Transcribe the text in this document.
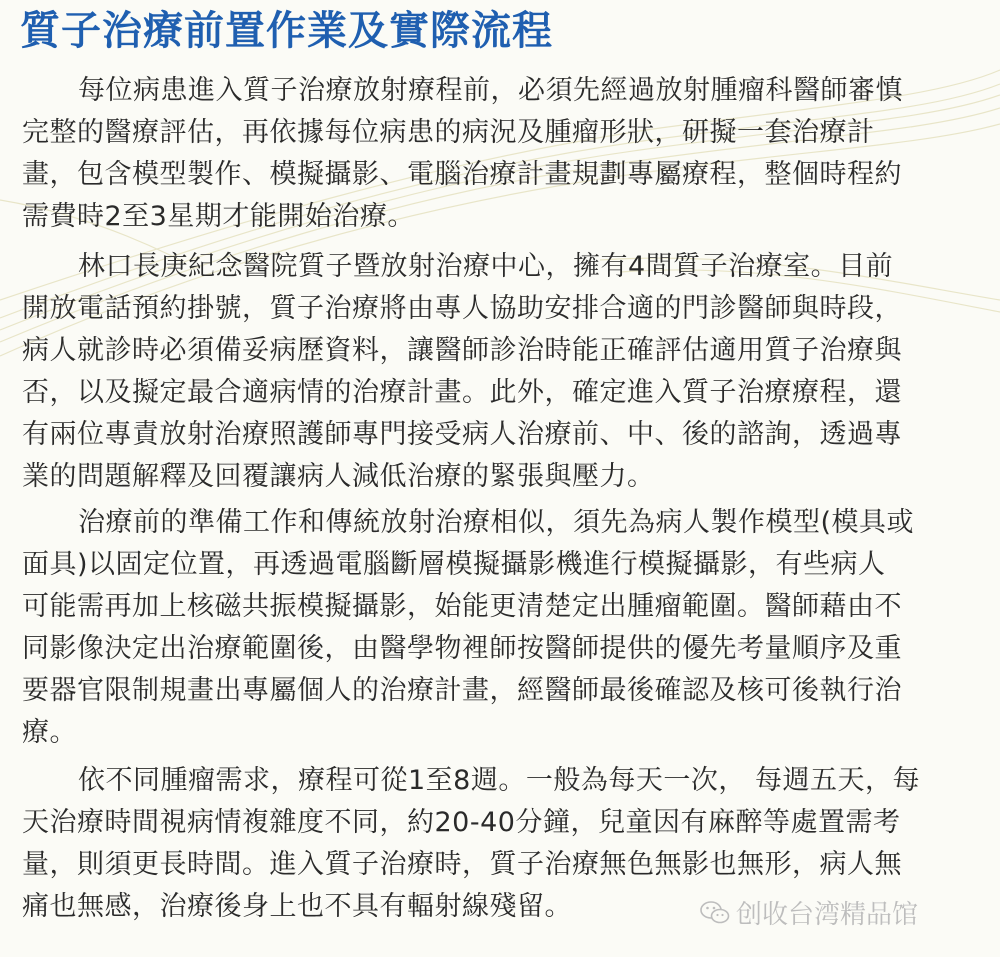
質子治療前置作業及實際流程
每位病患進入質子治療放射療程前，必須先經過放射腫瘤科醫師審慎
完整的醫療評估，再依據每位病患的病況及腫瘤形狀，研擬一套治療計
畫，包含模型製作、模擬攝影、電腦治療計畫規劃專屬療程，整個時程約
需費時2至3星期才能開始治療。
林口長庚紀念醫院質子暨放射治療中心，擁有4間質子治療室。目前
開放電話預約掛號，質子治療將由專人協助安排合適的門診醫師與時段，
病人就診時必須備妥病歷資料，讓醫師診治時能正確評估適用質子治療與
否，以及擬定最合適病情的治療計畫。此外，確定進入質子治療療程，還
有兩位專責放射治療照護師專門接受病人治療前、中、後的諮詢，透過專
業的問題解釋及回覆讓病人減低治療的緊張與壓力。
治療前的準備工作和傳統放射治療相似，須先為病人製作模型(模具或
面具)以固定位置，再透過電腦斷層模擬攝影機進行模擬攝影，有些病人
可能需再加上核磁共振模擬攝影，始能更清楚定出腫瘤範圍。醫師藉由不
同影像決定出治療範圍後，由醫學物裡師按醫師提供的優先考量順序及重
要器官限制規畫出專屬個人的治療計畫，經醫師最後確認及核可後執行治
療。
依不同腫瘤需求，療程可從1至8週。一般為每天一次， 每週五天，每
天治療時間視病情複雜度不同，約20-40分鐘，兒童因有麻醉等處置需考
量，則須更長時間。進入質子治療時，質子治療無色無影也無形，病人無
痛也無感，治療後身上也不具有輻射線殘留。	创收台湾精品馆
